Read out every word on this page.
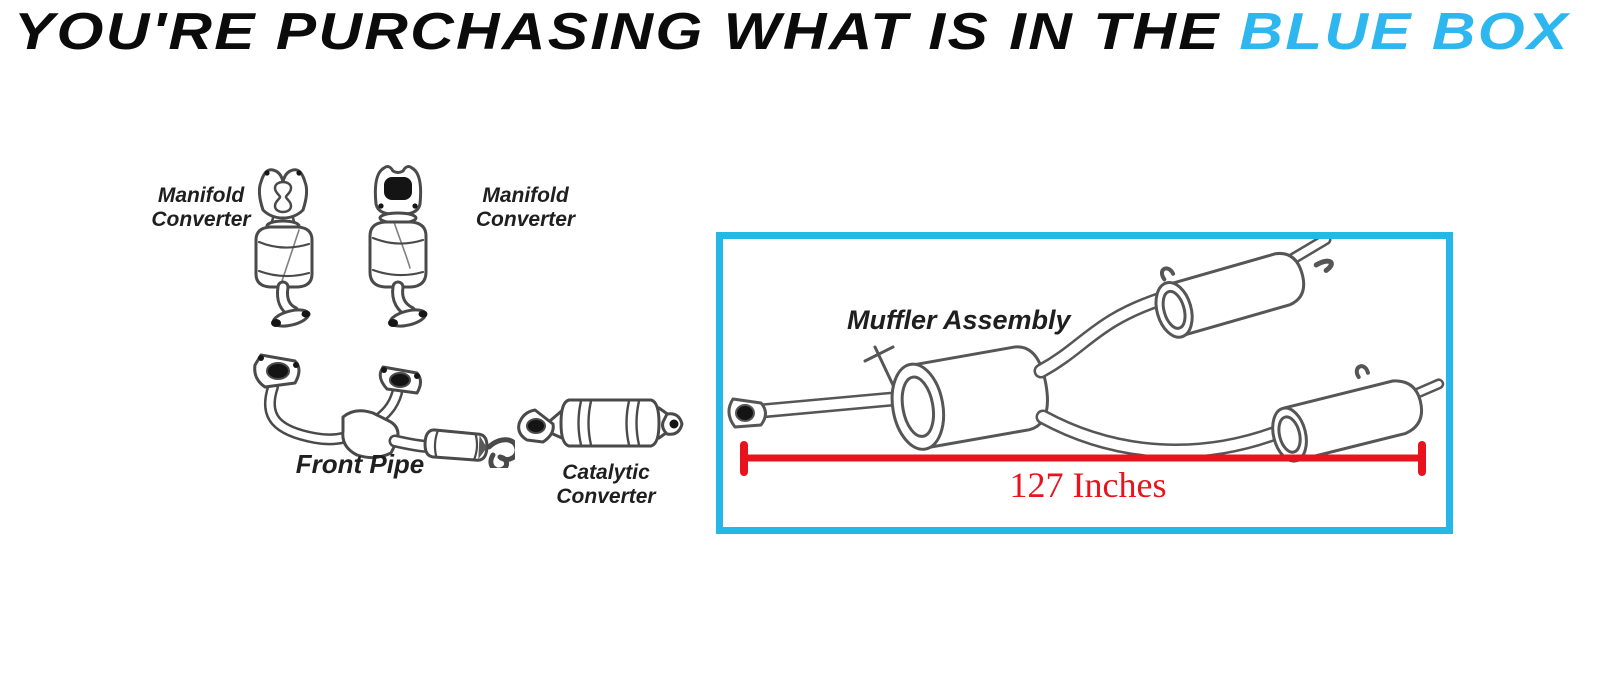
YOU'RE PURCHASING WHAT IS IN THE BLUE BOX
Muffler Assembly
127 Inches
Manifold
Converter
Manifold
Converter
Front Pipe	Catalytic
Converter
